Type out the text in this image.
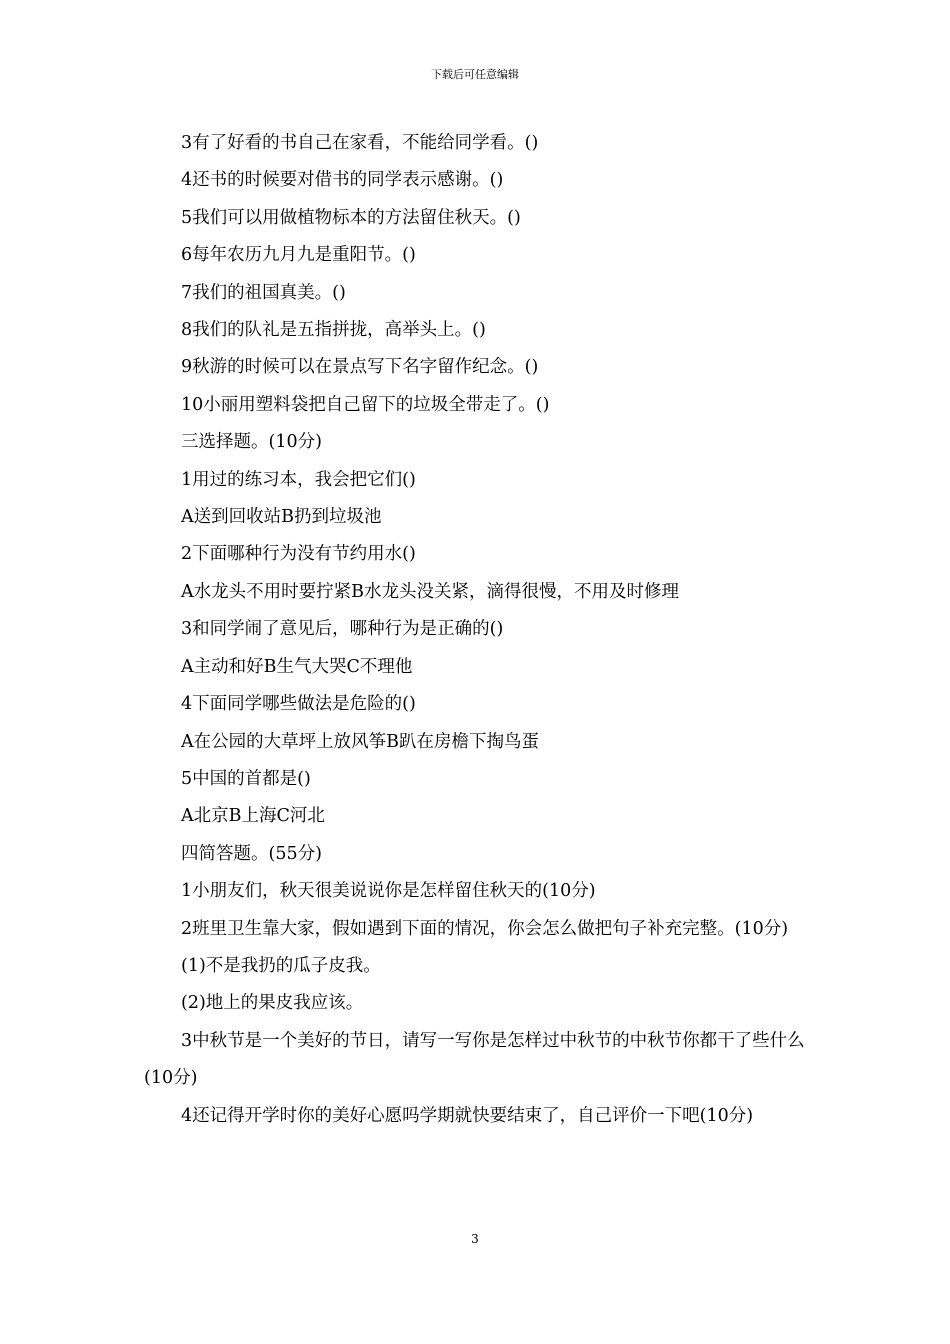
下载后可任意编辑

3有了好看的书自己在家看，不能给同学看。()

4还书的时候要对借书的同学表示感谢。()

5我们可以用做植物标本的方法留住秋天。()

6每年农历九月九是重阳节。()

7我们的祖国真美。()

8我们的队礼是五指拼拢，高举头上。()

9秋游的时候可以在景点写下名字留作纪念。()

10小丽用塑料袋把自己留下的垃圾全带走了。()

三选择题。(10分)

1用过的练习本，我会把它们()

A送到回收站B扔到垃圾池

2下面哪种行为没有节约用水()

A水龙头不用时要拧紧B水龙头没关紧，滴得很慢，不用及时修理

3和同学闹了意见后，哪种行为是正确的()

A主动和好B生气大哭C不理他

4下面同学哪些做法是危险的()

A在公园的大草坪上放风筝B趴在房檐下掏鸟蛋

5中国的首都是()

A北京B上海C河北

四简答题。(55分)

1小朋友们，秋天很美说说你是怎样留住秋天的(10分)

2班里卫生靠大家，假如遇到下面的情况，你会怎么做把句子补充完整。(10分)

(1)不是我扔的瓜子皮我。

(2)地上的果皮我应该。

3中秋节是一个美好的节日，请写一写你是怎样过中秋节的中秋节你都干了些什么(10分)

4还记得开学时你的美好心愿吗学期就快要结束了，自己评价一下吧(10分)

3
